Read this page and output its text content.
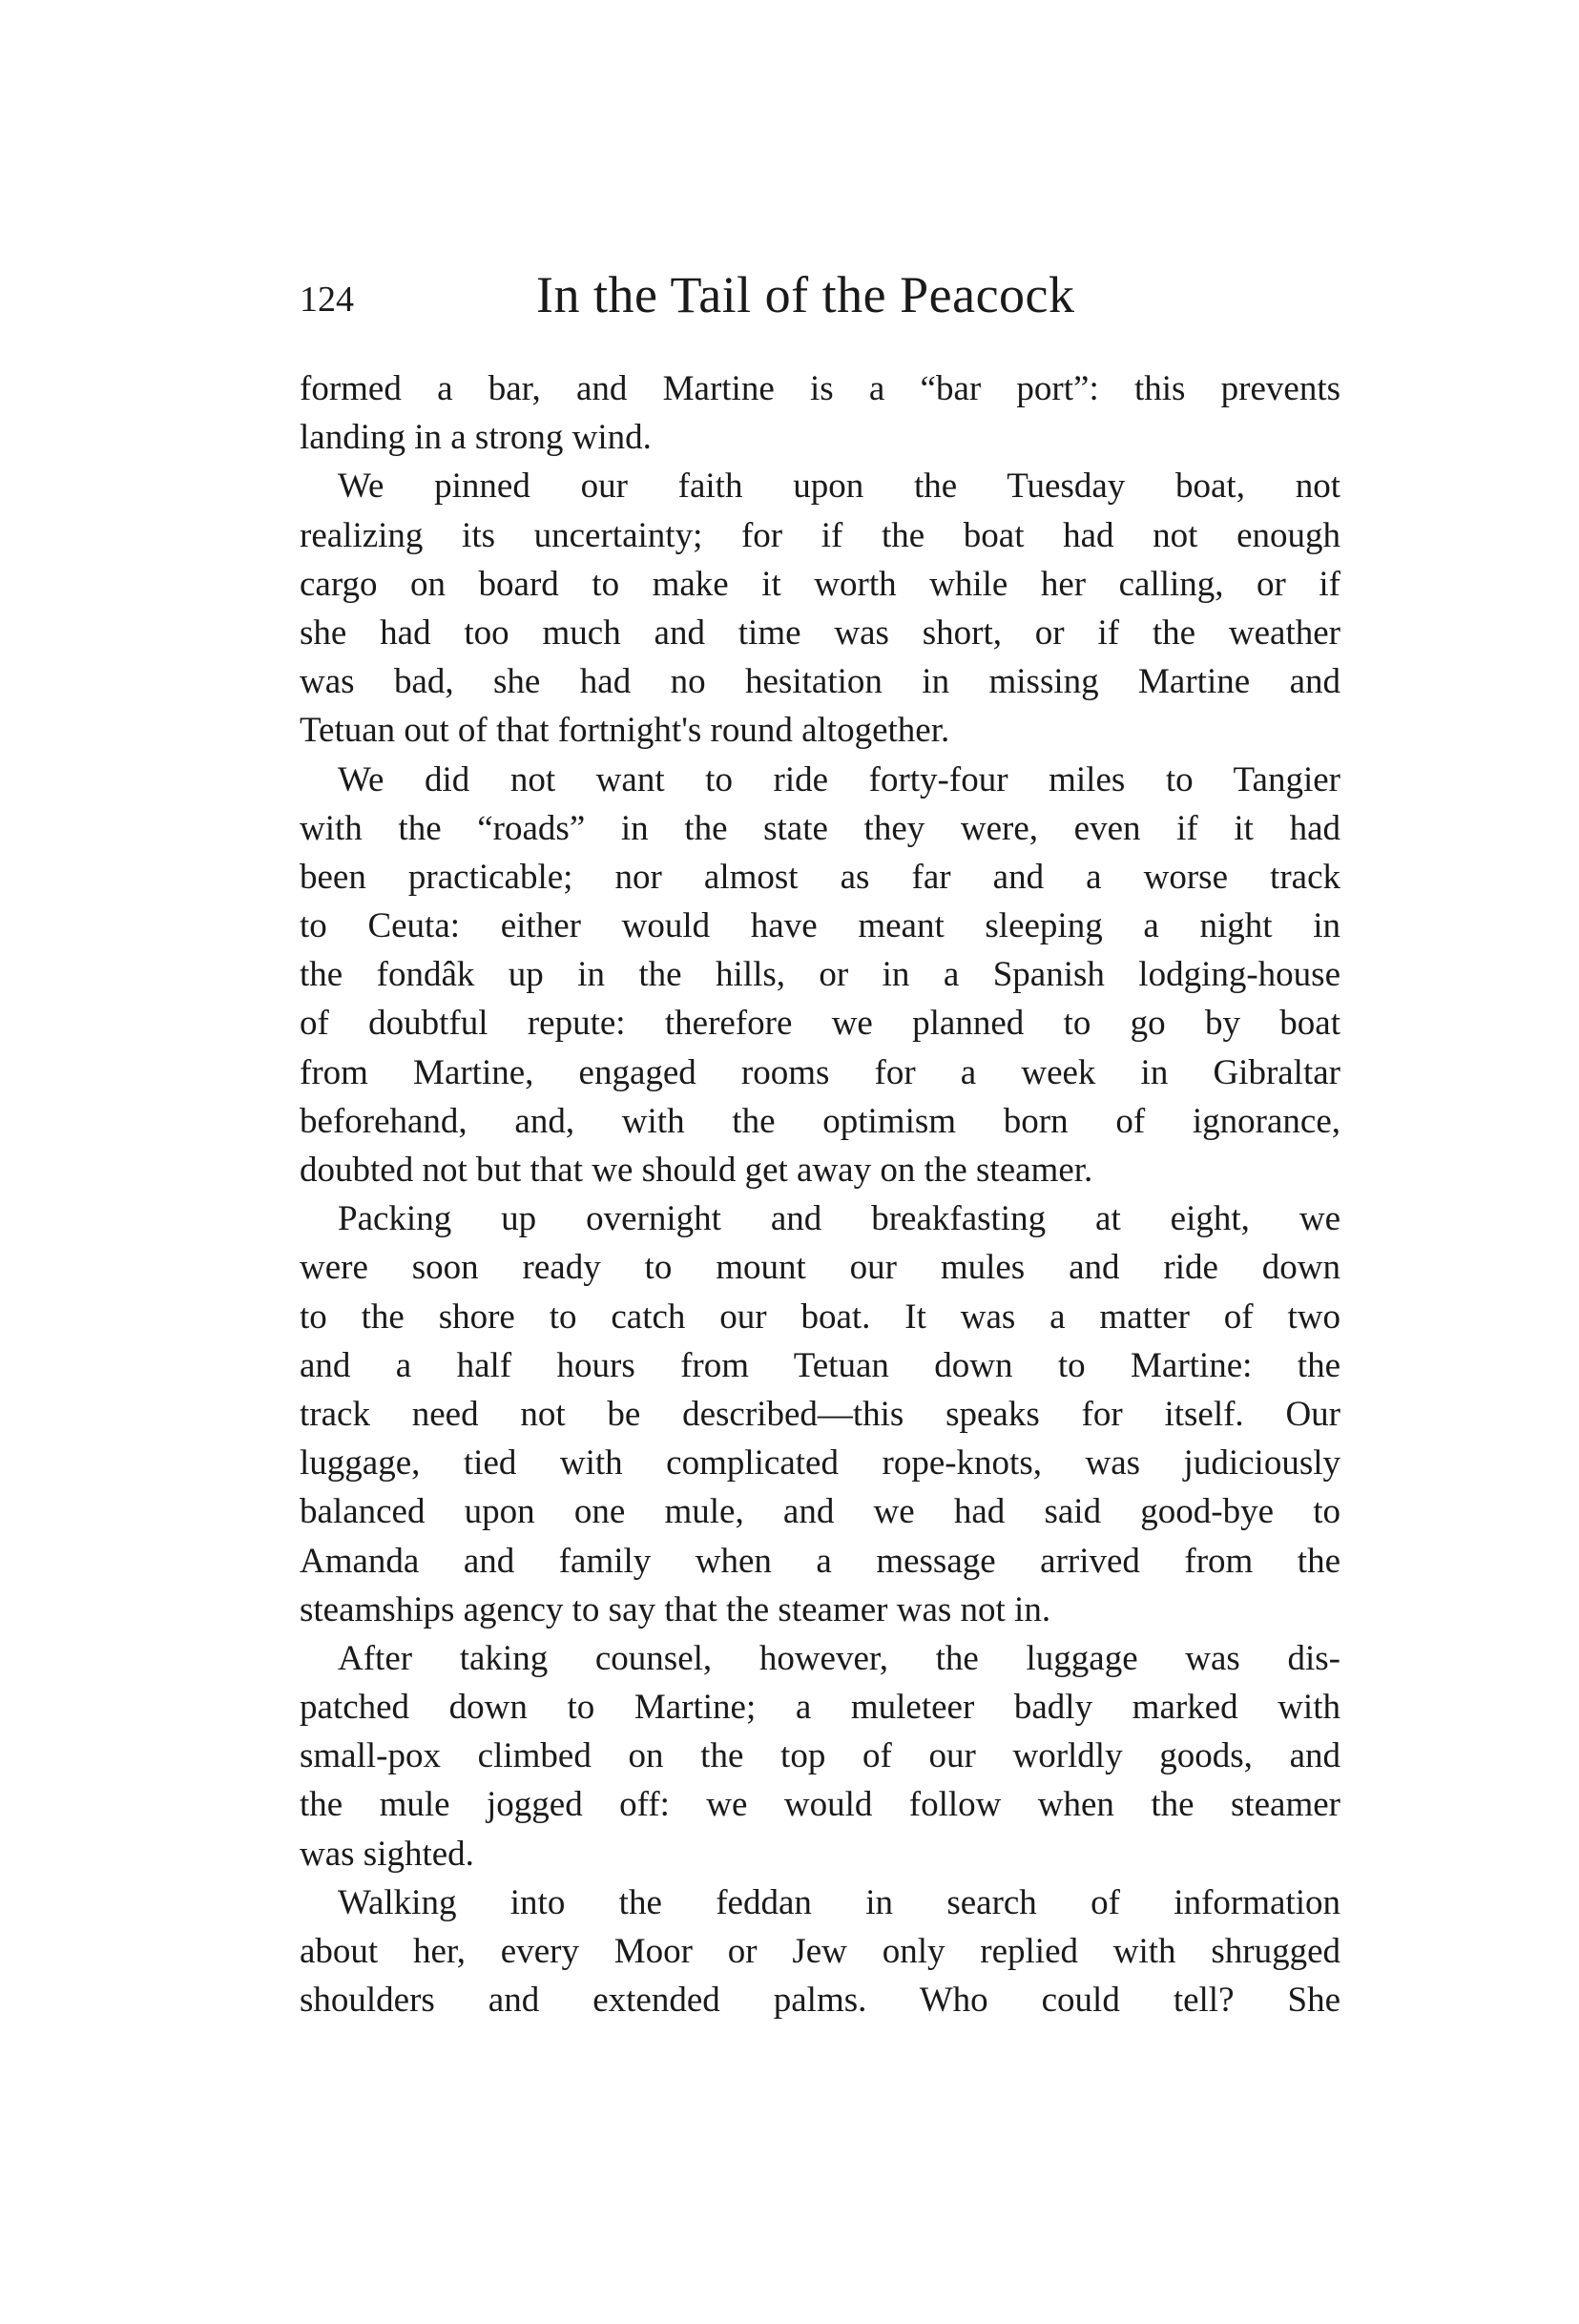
124	In the Tail of the Peacock
formed a bar, and Martine is a “bar port”: this prevents
landing in a strong wind.
We pinned our faith upon the Tuesday boat, not
realizing its uncertainty; for if the boat had not enough
cargo on board to make it worth while her calling, or if
she had too much and time was short, or if the weather
was bad, she had no hesitation in missing Martine and
Tetuan out of that fortnight's round altogether.
We did not want to ride forty-four miles to Tangier
with the “roads” in the state they were, even if it had
been practicable; nor almost as far and a worse track
to Ceuta: either would have meant sleeping a night in
the fondâk up in the hills, or in a Spanish lodging-house
of doubtful repute: therefore we planned to go by boat
from Martine, engaged rooms for a week in Gibraltar
beforehand, and, with the optimism born of ignorance,
doubted not but that we should get away on the steamer.
Packing up overnight and breakfasting at eight, we
were soon ready to mount our mules and ride down
to the shore to catch our boat. It was a matter of two
and a half hours from Tetuan down to Martine: the
track need not be described—this speaks for itself. Our
luggage, tied with complicated rope-knots, was judiciously
balanced upon one mule, and we had said good-bye to
Amanda and family when a message arrived from the
steamships agency to say that the steamer was not in.
After taking counsel, however, the luggage was dis-
patched down to Martine; a muleteer badly marked with
small-pox climbed on the top of our worldly goods, and
the mule jogged off: we would follow when the steamer
was sighted.
Walking into the feddan in search of information
about her, every Moor or Jew only replied with shrugged
shoulders and extended palms. Who could tell? She
